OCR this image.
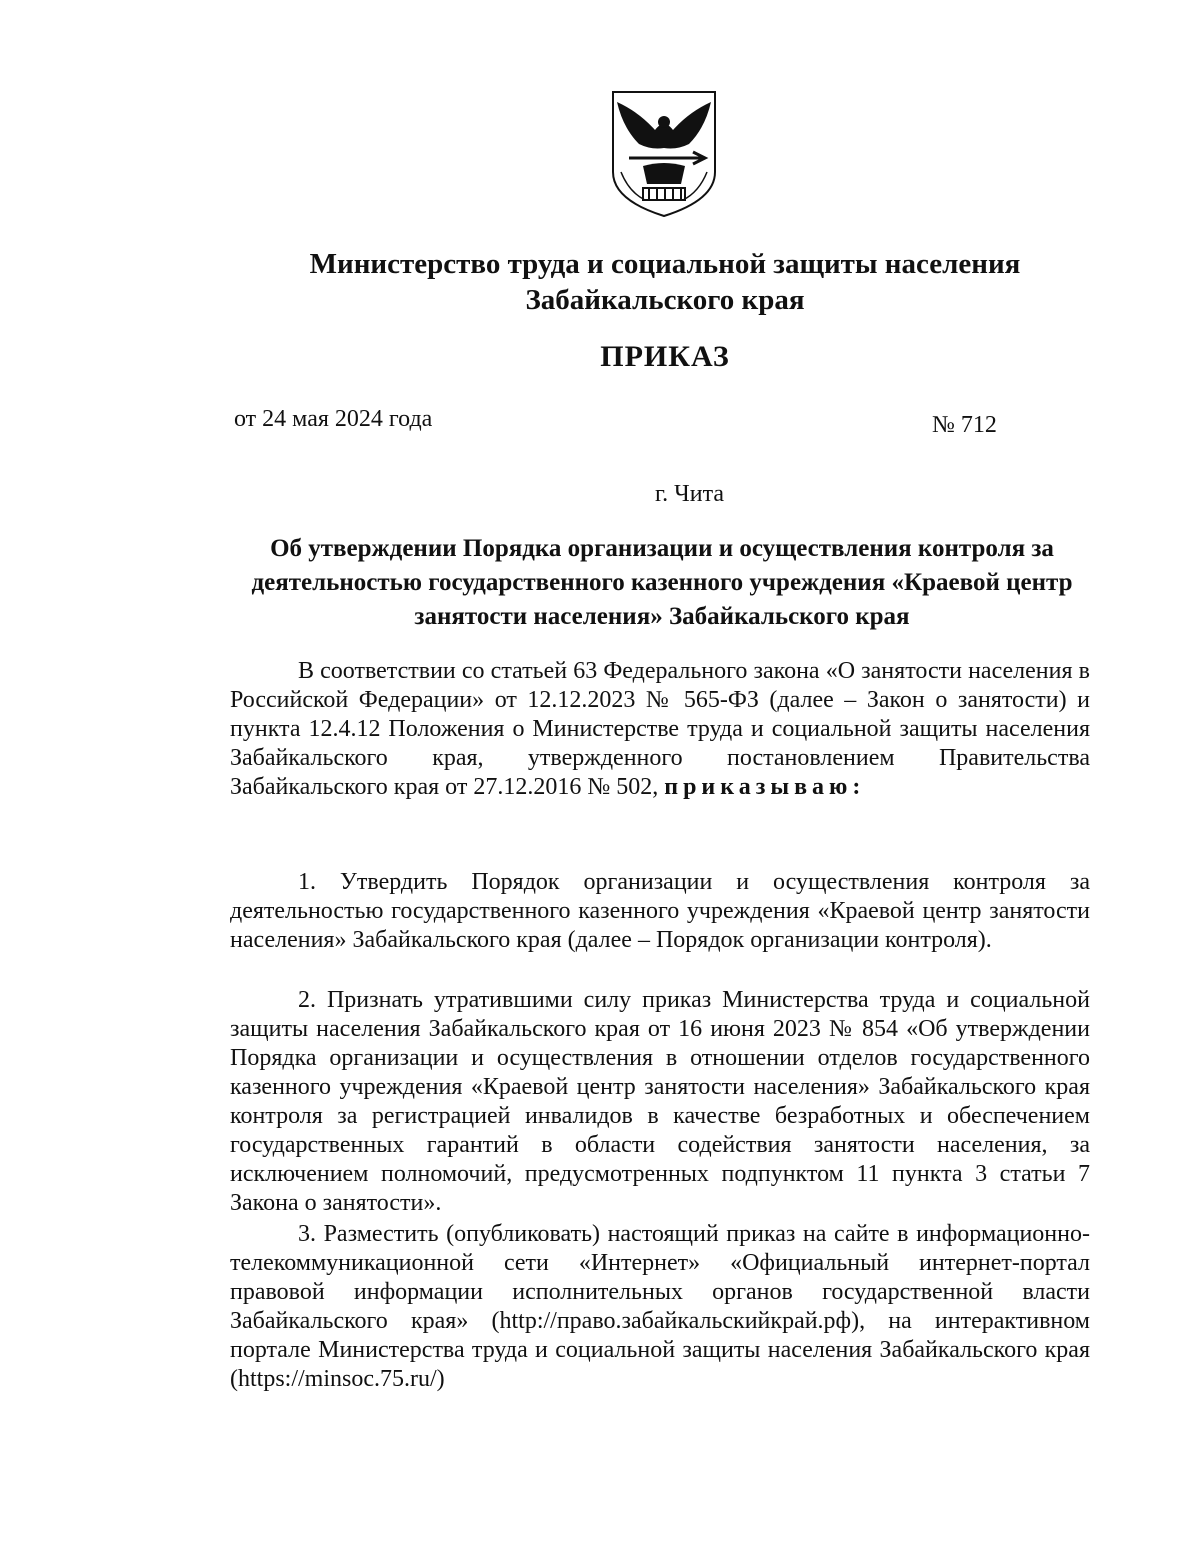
Министерство труда и социальной защиты населения
Забайкальского края
ПРИКАЗ
от 24 мая 2024 года	№ 712
г. Чита
Об утверждении Порядка организации и осуществления контроля за деятельностью государственного казенного учреждения «Краевой центр занятости населения» Забайкальского края

В соответствии со статьей 63 Федерального закона «О занятости населения в Российской Федерации» от 12.12.2023 № 565-ФЗ (далее – Закон о занятости) и пункта 12.4.12 Положения о Министерстве труда и социальной защиты населения Забайкальского края, утвержденного постановлением Правительства Забайкальского края от 27.12.2016 № 502, приказываю:

1. Утвердить Порядок организации и осуществления контроля за деятельностью государственного казенного учреждения «Краевой центр занятости населения» Забайкальского края (далее – Порядок организации контроля).

2. Признать утратившими силу приказ Министерства труда и социальной защиты населения Забайкальского края от 16 июня 2023 № 854 «Об утверждении Порядка организации и осуществления в отношении отделов государственного казенного учреждения «Краевой центр занятости населения» Забайкальского края контроля за регистрацией инвалидов в качестве безработных и обеспечением государственных гарантий в области содействия занятости населения, за исключением полномочий, предусмотренных подпунктом 11 пункта 3 статьи 7 Закона о занятости».

3. Разместить (опубликовать) настоящий приказ на сайте в информационно-телекоммуникационной сети «Интернет» «Официальный интернет-портал правовой информации исполнительных органов государственной власти Забайкальского края» (http://право.забайкальскийкрай.рф), на интерактивном портале Министерства труда и социальной защиты населения Забайкальского края (https://minsoc.75.ru/)
